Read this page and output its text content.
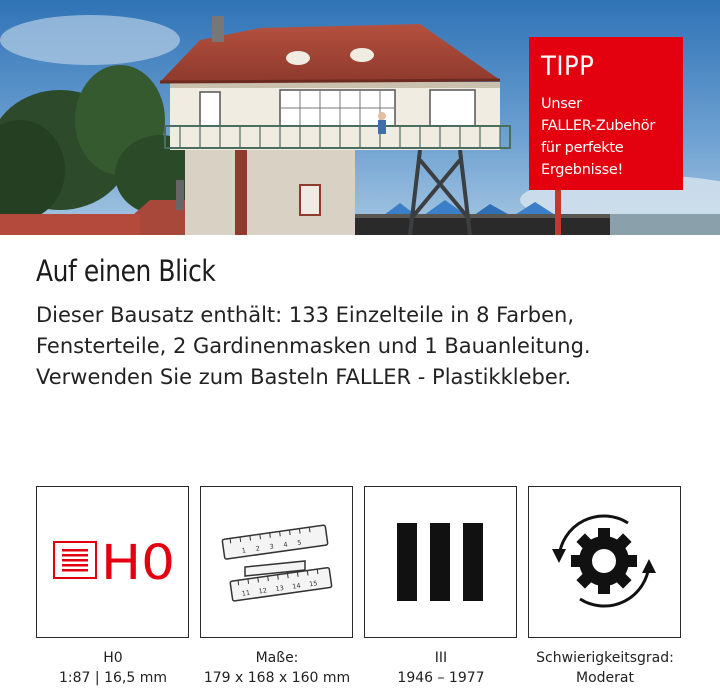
TIPP
Unser
FALLER-Zubehör
für perfekte
Ergebnisse!
Auf einen Blick
Dieser Bausatz enthält: 133 Einzelteile in 8 Farben,
Fensterteile, 2 Gardinenmasken und 1 Bauanleitung.
Verwenden Sie zum Basteln FALLER - Plastikkleber.
H0	1 2 3 4 5
11 12 13 14 15
H0
1:87 | 16,5 mm
Maße:
179 x 168 x 160 mm
III
1946 – 1977
Schwierigkeitsgrad:
Moderat
